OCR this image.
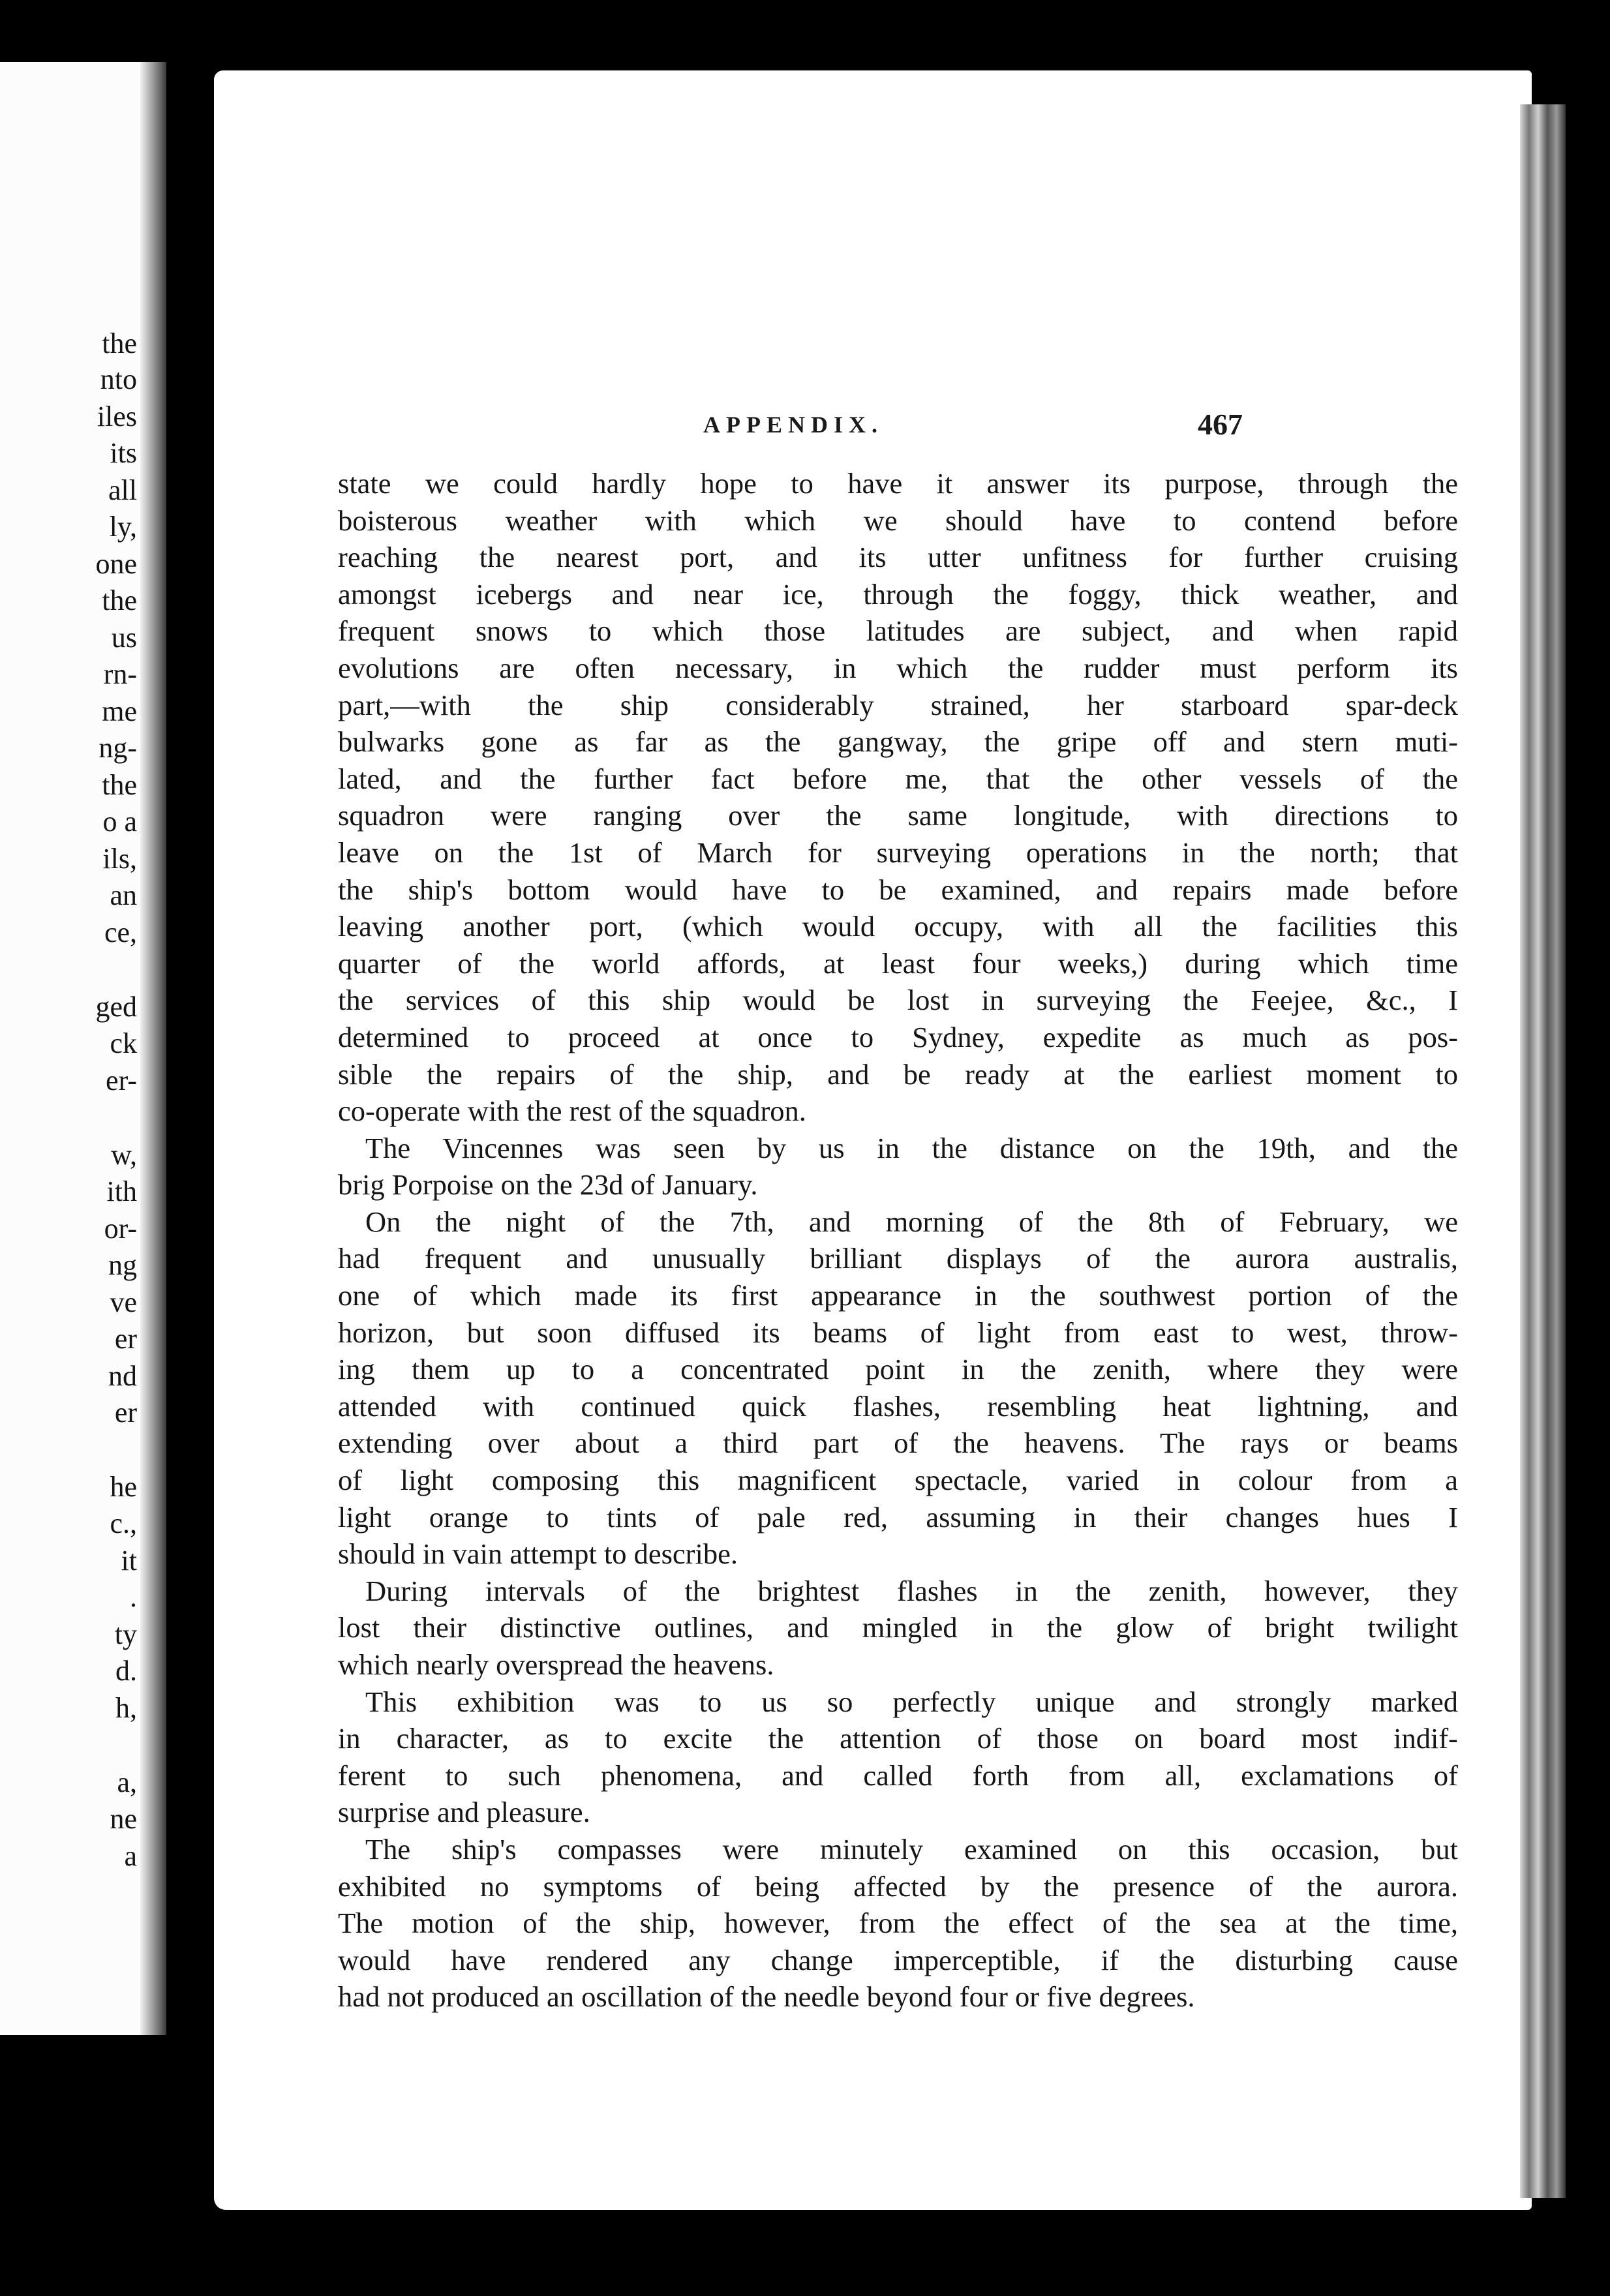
the
nto
iles
its
all
ly,
one
the
us
rn-
me
ng-
the
o a
ils,
an
ce,
ged
ck
er-
w,
ith
or-
ng
ve
er
nd
er
he
c.,
it
.
ty
d.
h,
a,
ne
a
APPENDIX.	467

state we could hardly hope to have it answer its purpose, through the
boisterous weather with which we should have to contend before
reaching the nearest port, and its utter unfitness for further cruising
amongst icebergs and near ice, through the foggy, thick weather, and
frequent snows to which those latitudes are subject, and when rapid
evolutions are often necessary, in which the rudder must perform its
part,—with the ship considerably strained, her starboard spar-deck
bulwarks gone as far as the gangway, the gripe off and stern muti-
lated, and the further fact before me, that the other vessels of the
squadron were ranging over the same longitude, with directions to
leave on the 1st of March for surveying operations in the north; that
the ship's bottom would have to be examined, and repairs made before
leaving another port, (which would occupy, with all the facilities this
quarter of the world affords, at least four weeks,) during which time
the services of this ship would be lost in surveying the Feejee, &c., I
determined to proceed at once to Sydney, expedite as much as pos-
sible the repairs of the ship, and be ready at the earliest moment to
co-operate with the rest of the squadron.

The Vincennes was seen by us in the distance on the 19th, and the
brig Porpoise on the 23d of January.

On the night of the 7th, and morning of the 8th of February, we
had frequent and unusually brilliant displays of the aurora australis,
one of which made its first appearance in the southwest portion of the
horizon, but soon diffused its beams of light from east to west, throw-
ing them up to a concentrated point in the zenith, where they were
attended with continued quick flashes, resembling heat lightning, and
extending over about a third part of the heavens. The rays or beams
of light composing this magnificent spectacle, varied in colour from a
light orange to tints of pale red, assuming in their changes hues I
should in vain attempt to describe.

During intervals of the brightest flashes in the zenith, however, they
lost their distinctive outlines, and mingled in the glow of bright twilight
which nearly overspread the heavens.

This exhibition was to us so perfectly unique and strongly marked
in character, as to excite the attention of those on board most indif-
ferent to such phenomena, and called forth from all, exclamations of
surprise and pleasure.

The ship's compasses were minutely examined on this occasion, but
exhibited no symptoms of being affected by the presence of the aurora.
The motion of the ship, however, from the effect of the sea at the time,
would have rendered any change imperceptible, if the disturbing cause
had not produced an oscillation of the needle beyond four or five degrees.
